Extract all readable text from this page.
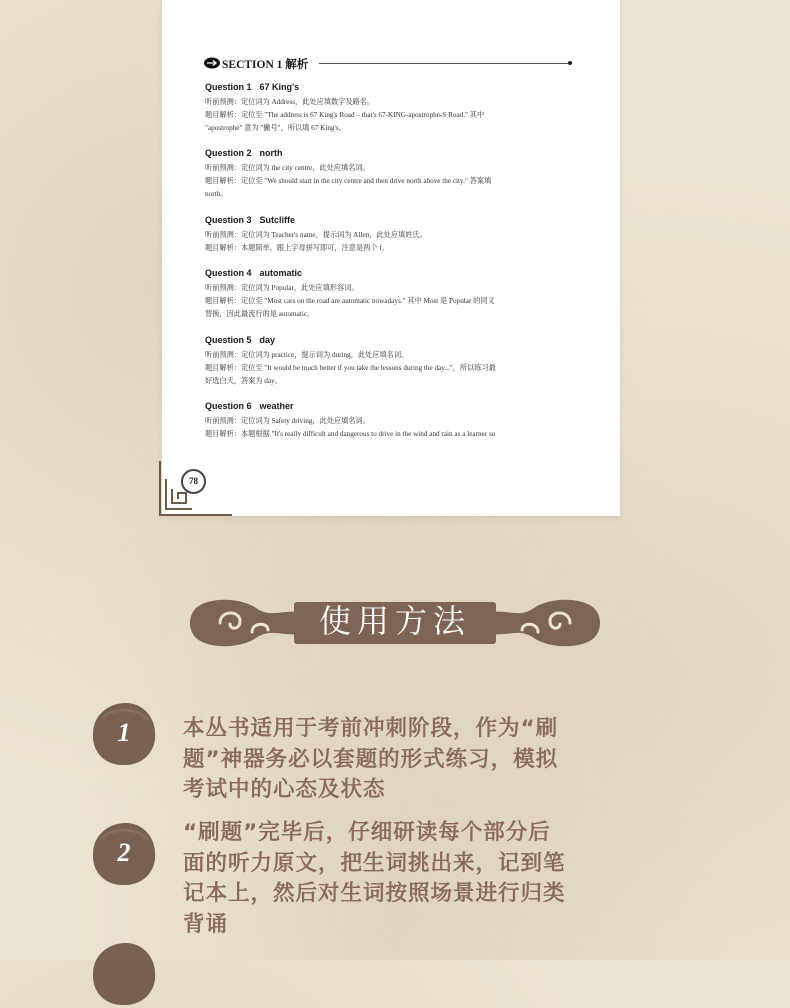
SECTION 1 解析
Question 1 67 King's
听前预测：定位词为 Address，此处应填数字及路名。
题目解析：定位至 "The address is 67 King's Road – that's 67-KING-apostrophe-S Road." 其中
"apostrophe" 意为 "撇号"，所以填 67 King's。
Question 2 north
听前预测：定位词为 the city centre，此处应填名词。
题目解析：定位至 "We should start in the city centre and then drive north above the city." 答案填
north。
Question 3 Sutcliffe
听前预测：定位词为 Teacher's name，提示词为 Allen，此处应填姓氏。
题目解析：本题简单，跟上字母拼写即可，注意是两个 f。
Question 4 automatic
听前预测：定位词为 Popular，此处应填形容词。
题目解析：定位至 "Most cars on the road are automatic nowadays." 其中 Most 是 Popular 的同义
替换，因此最流行的是 automatic。
Question 5 day
听前预测：定位词为 practice，提示词为 during，此处应填名词。
题目解析：定位至 "It would be much better if you take the lessons during the day..."，所以练习最
好选白天，答案为 day。
Question 6 weather
听前预测：定位词为 Safety driving，此处应填名词。
题目解析：本题根据 "It's really difficult and dangerous to drive in the wind and rain as a learner so
78
使用方法
1	本丛书适用于考前冲刺阶段，作为“刷
题”神器务必以套题的形式练习，模拟
考试中的心态及状态
2
“刷题”完毕后，仔细研读每个部分后
面的听力原文，把生词挑出来，记到笔
记本上，然后对生词按照场景进行归类
背诵
